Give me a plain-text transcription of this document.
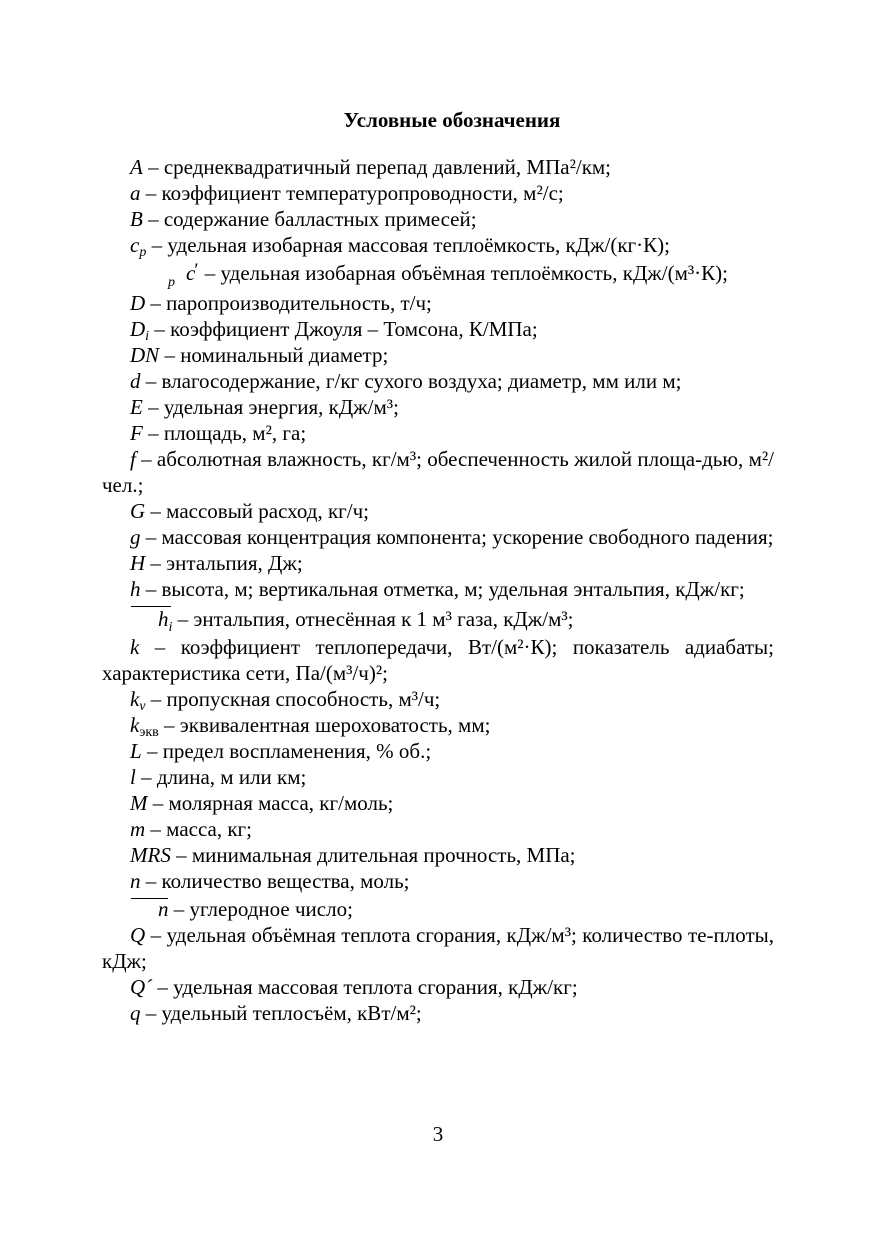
Условные обозначения

A – среднеквадратичный перепад давлений, МПа²/км;

a – коэффициент температуропроводности, м²/с;

B – содержание балластных примесей;

$c_p$ – удельная изобарная массовая теплоёмкость, кДж/(кг·К);

c′
p – удельная изобарная объёмная теплоёмкость, кДж/(м³·К);

D – паропроизводительность, т/ч;

$D_i$ – коэффициент Джоуля – Томсона, К/МПа;

DN – номинальный диаметр;

d – влагосодержание, г/кг сухого воздуха; диаметр, мм или м;

E – удельная энергия, кДж/м³;

F – площадь, м², га;

f – абсолютная влажность, кг/м³; обеспеченность жилой площа-дью, м²/чел.;

G – массовый расход, кг/ч;

g – массовая концентрация компонента; ускорение свободного падения;

H – энтальпия, Дж;

h – высота, м; вертикальная отметка, м; удельная энтальпия, кДж/кг;

$h_i$ – энтальпия, отнесённая к 1 м³ газа, кДж/м³;

k – коэффициент теплопередачи, Вт/(м²·К); показатель адиабаты; характеристика сети, Па/(м³/ч)²;

$k_v$ – пропускная способность, м³/ч;

$k_{экв}$ – эквивалентная шероховатость, мм;

L – предел воспламенения, % об.;

l – длина, м или км;

M – молярная масса, кг/моль;

m – масса, кг;

MRS – минимальная длительная прочность, МПа;

n – количество вещества, моль;

n – углеродное число;

Q – удельная объёмная теплота сгорания, кДж/м³; количество те-плоты, кДж;

Q´ – удельная массовая теплота сгорания, кДж/кг;

q – удельный теплосъём, кВт/м²;

3
